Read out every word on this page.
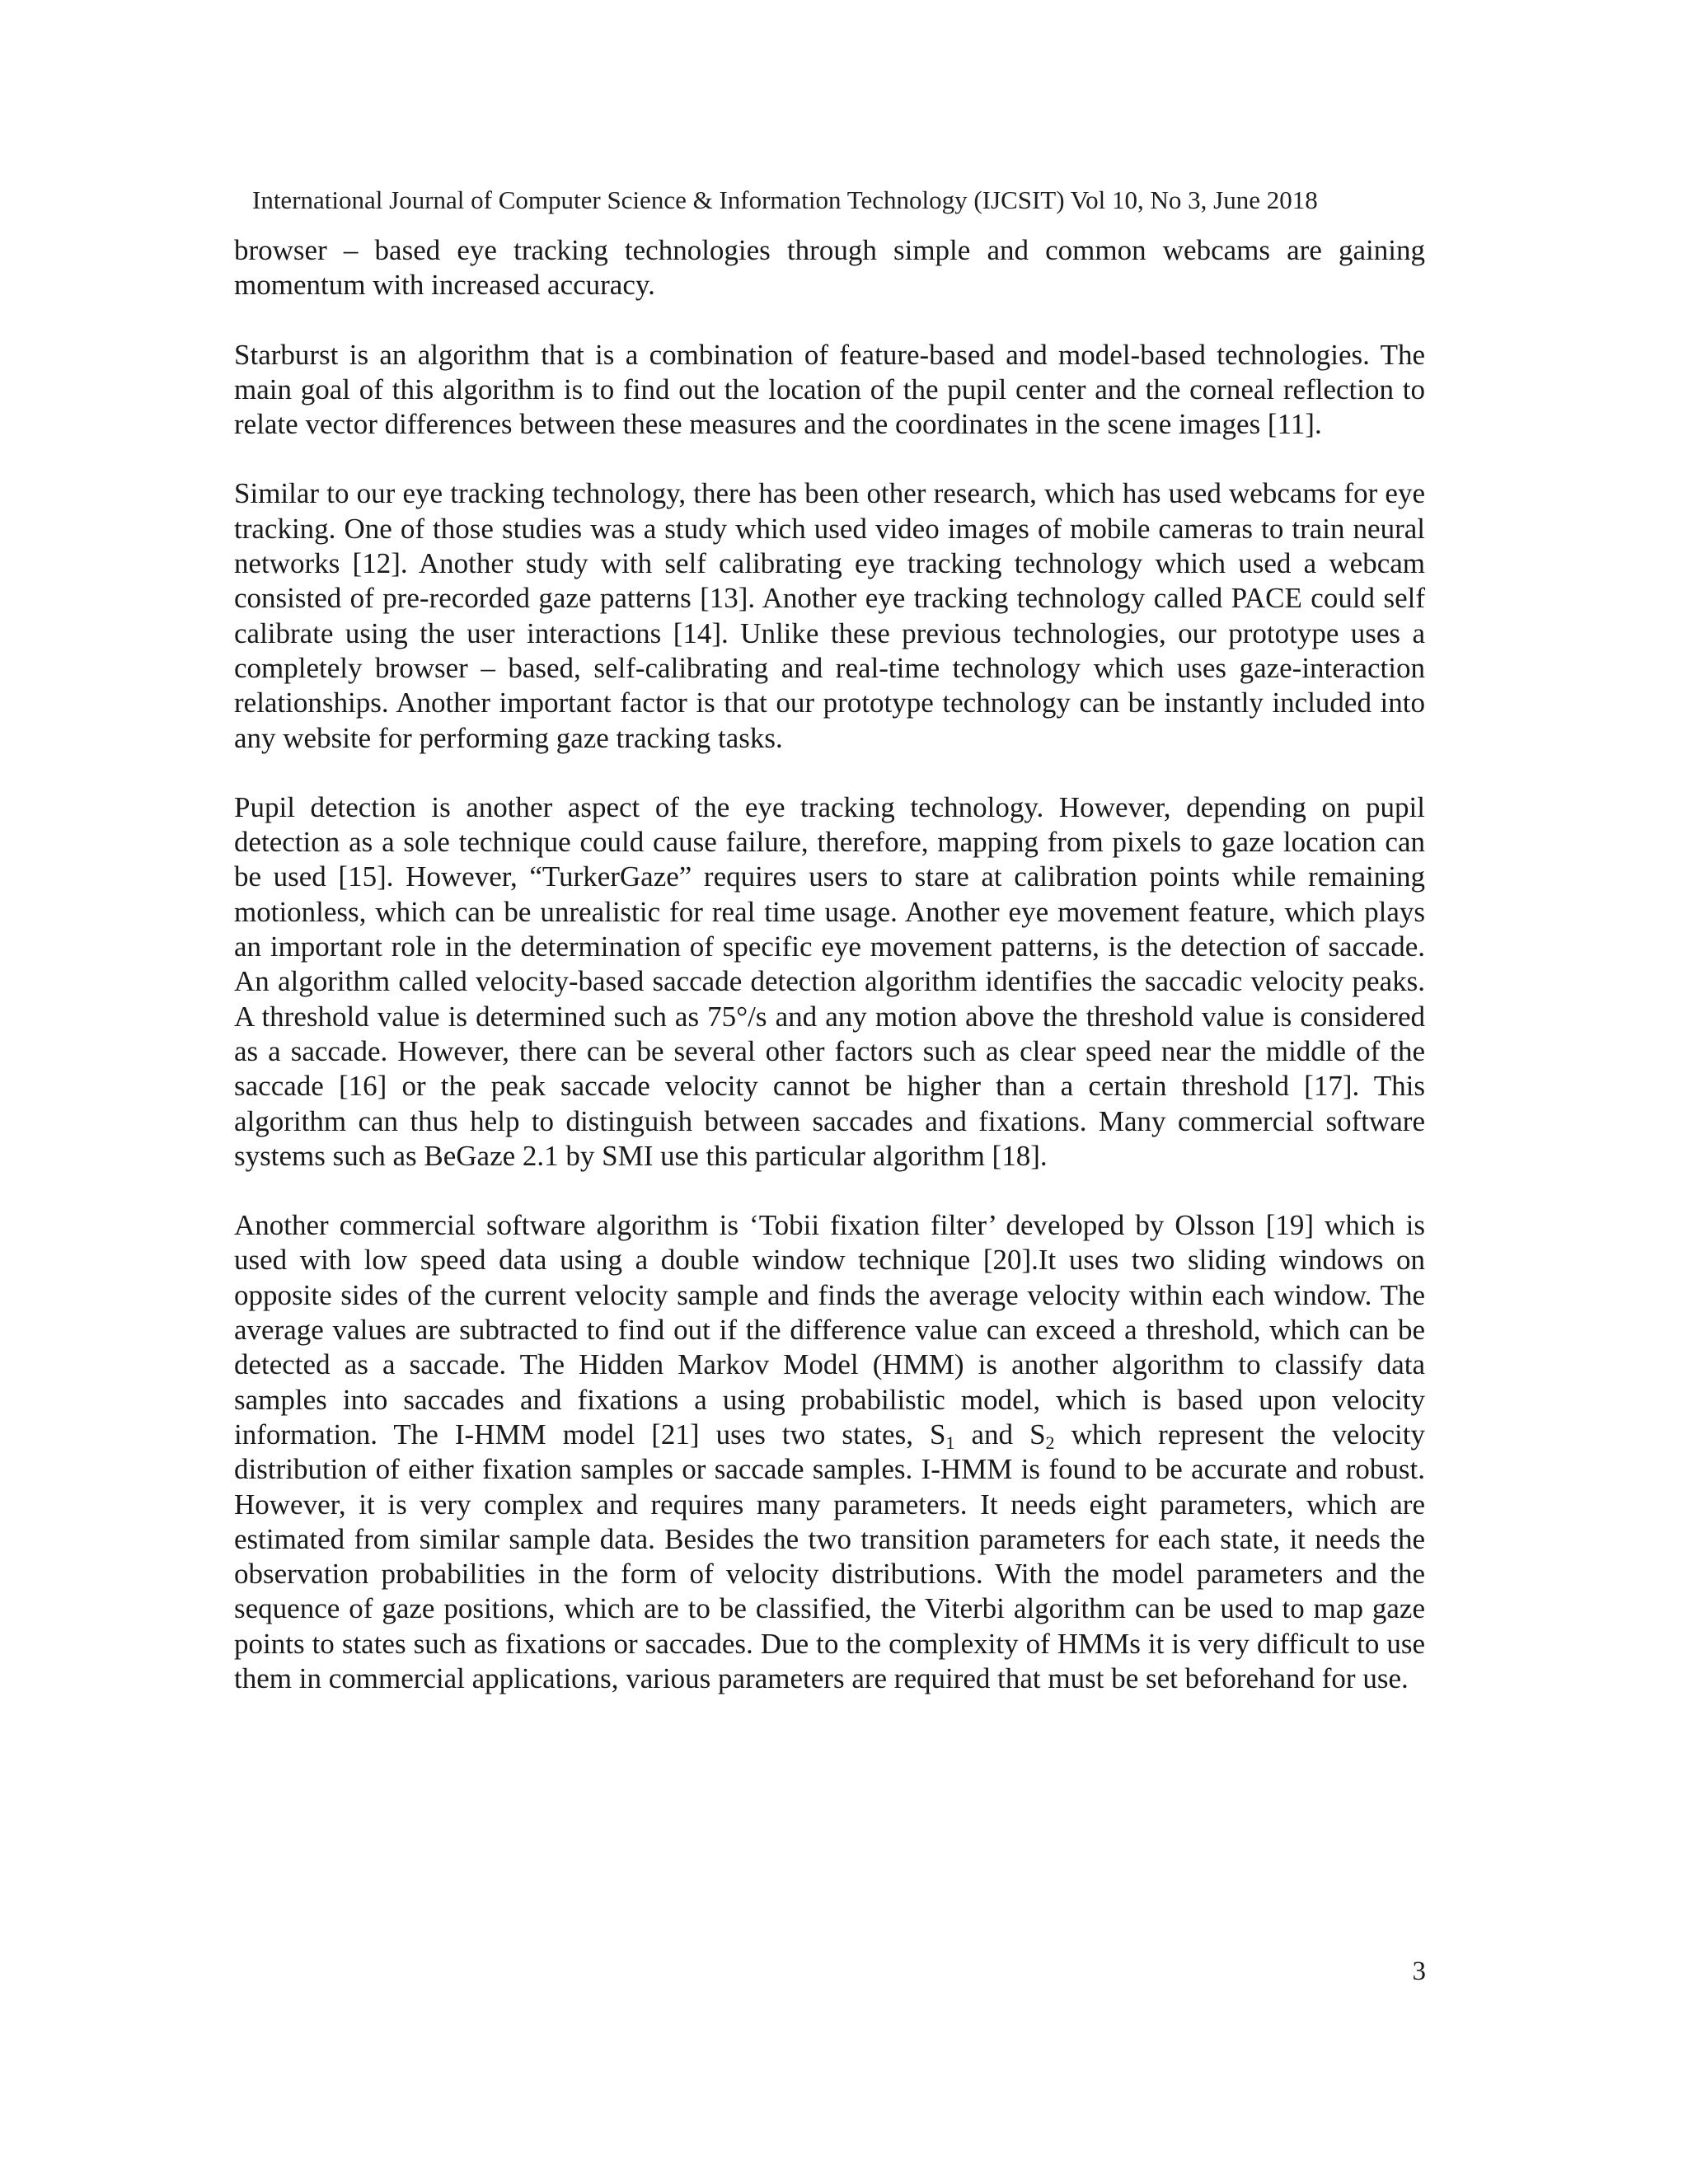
International Journal of Computer Science & Information Technology (IJCSIT) Vol 10, No 3, June 2018

browser – based eye tracking technologies through simple and common webcams are gaining momentum with increased accuracy.

Starburst is an algorithm that is a combination of feature-based and model-based technologies. The main goal of this algorithm is to find out the location of the pupil center and the corneal reflection to relate vector differences between these measures and the coordinates in the scene images [11].

Similar to our eye tracking technology, there has been other research, which has used webcams for eye tracking. One of those studies was a study which used video images of mobile cameras to train neural networks [12]. Another study with self calibrating eye tracking technology which used a webcam consisted of pre-recorded gaze patterns [13]. Another eye tracking technology called PACE could self calibrate using the user interactions [14]. Unlike these previous technologies, our prototype uses a completely browser – based, self-calibrating and real-time technology which uses gaze-interaction relationships. Another important factor is that our prototype technology can be instantly included into any website for performing gaze tracking tasks.

Pupil detection is another aspect of the eye tracking technology. However, depending on pupil detection as a sole technique could cause failure, therefore, mapping from pixels to gaze location can be used [15]. However, “TurkerGaze” requires users to stare at calibration points while remaining motionless, which can be unrealistic for real time usage. Another eye movement feature, which plays an important role in the determination of specific eye movement patterns, is the detection of saccade. An algorithm called velocity-based saccade detection algorithm identifies the saccadic velocity peaks. A threshold value is determined such as 75°/s and any motion above the threshold value is considered as a saccade. However, there can be several other factors such as clear speed near the middle of the saccade [16] or the peak saccade velocity cannot be higher than a certain threshold [17]. This algorithm can thus help to distinguish between saccades and fixations. Many commercial software systems such as BeGaze 2.1 by SMI use this particular algorithm [18].

Another commercial software algorithm is ‘Tobii fixation filter’ developed by Olsson [19] which is used with low speed data using a double window technique [20].It uses two sliding windows on opposite sides of the current velocity sample and finds the average velocity within each window. The average values are subtracted to find out if the difference value can exceed a threshold, which can be detected as a saccade. The Hidden Markov Model (HMM) is another algorithm to classify data samples into saccades and fixations a using probabilistic model, which is based upon velocity information. The I-HMM model [21] uses two states, $S_1$ and $S_2$ which represent the velocity distribution of either fixation samples or saccade samples. I-HMM is found to be accurate and robust. However, it is very complex and requires many parameters. It needs eight parameters, which are estimated from similar sample data. Besides the two transition parameters for each state, it needs the observation probabilities in the form of velocity distributions. With the model parameters and the sequence of gaze positions, which are to be classified, the Viterbi algorithm can be used to map gaze points to states such as fixations or saccades. Due to the complexity of HMMs it is very difficult to use them in commercial applications, various parameters are required that must be set beforehand for use.

3
